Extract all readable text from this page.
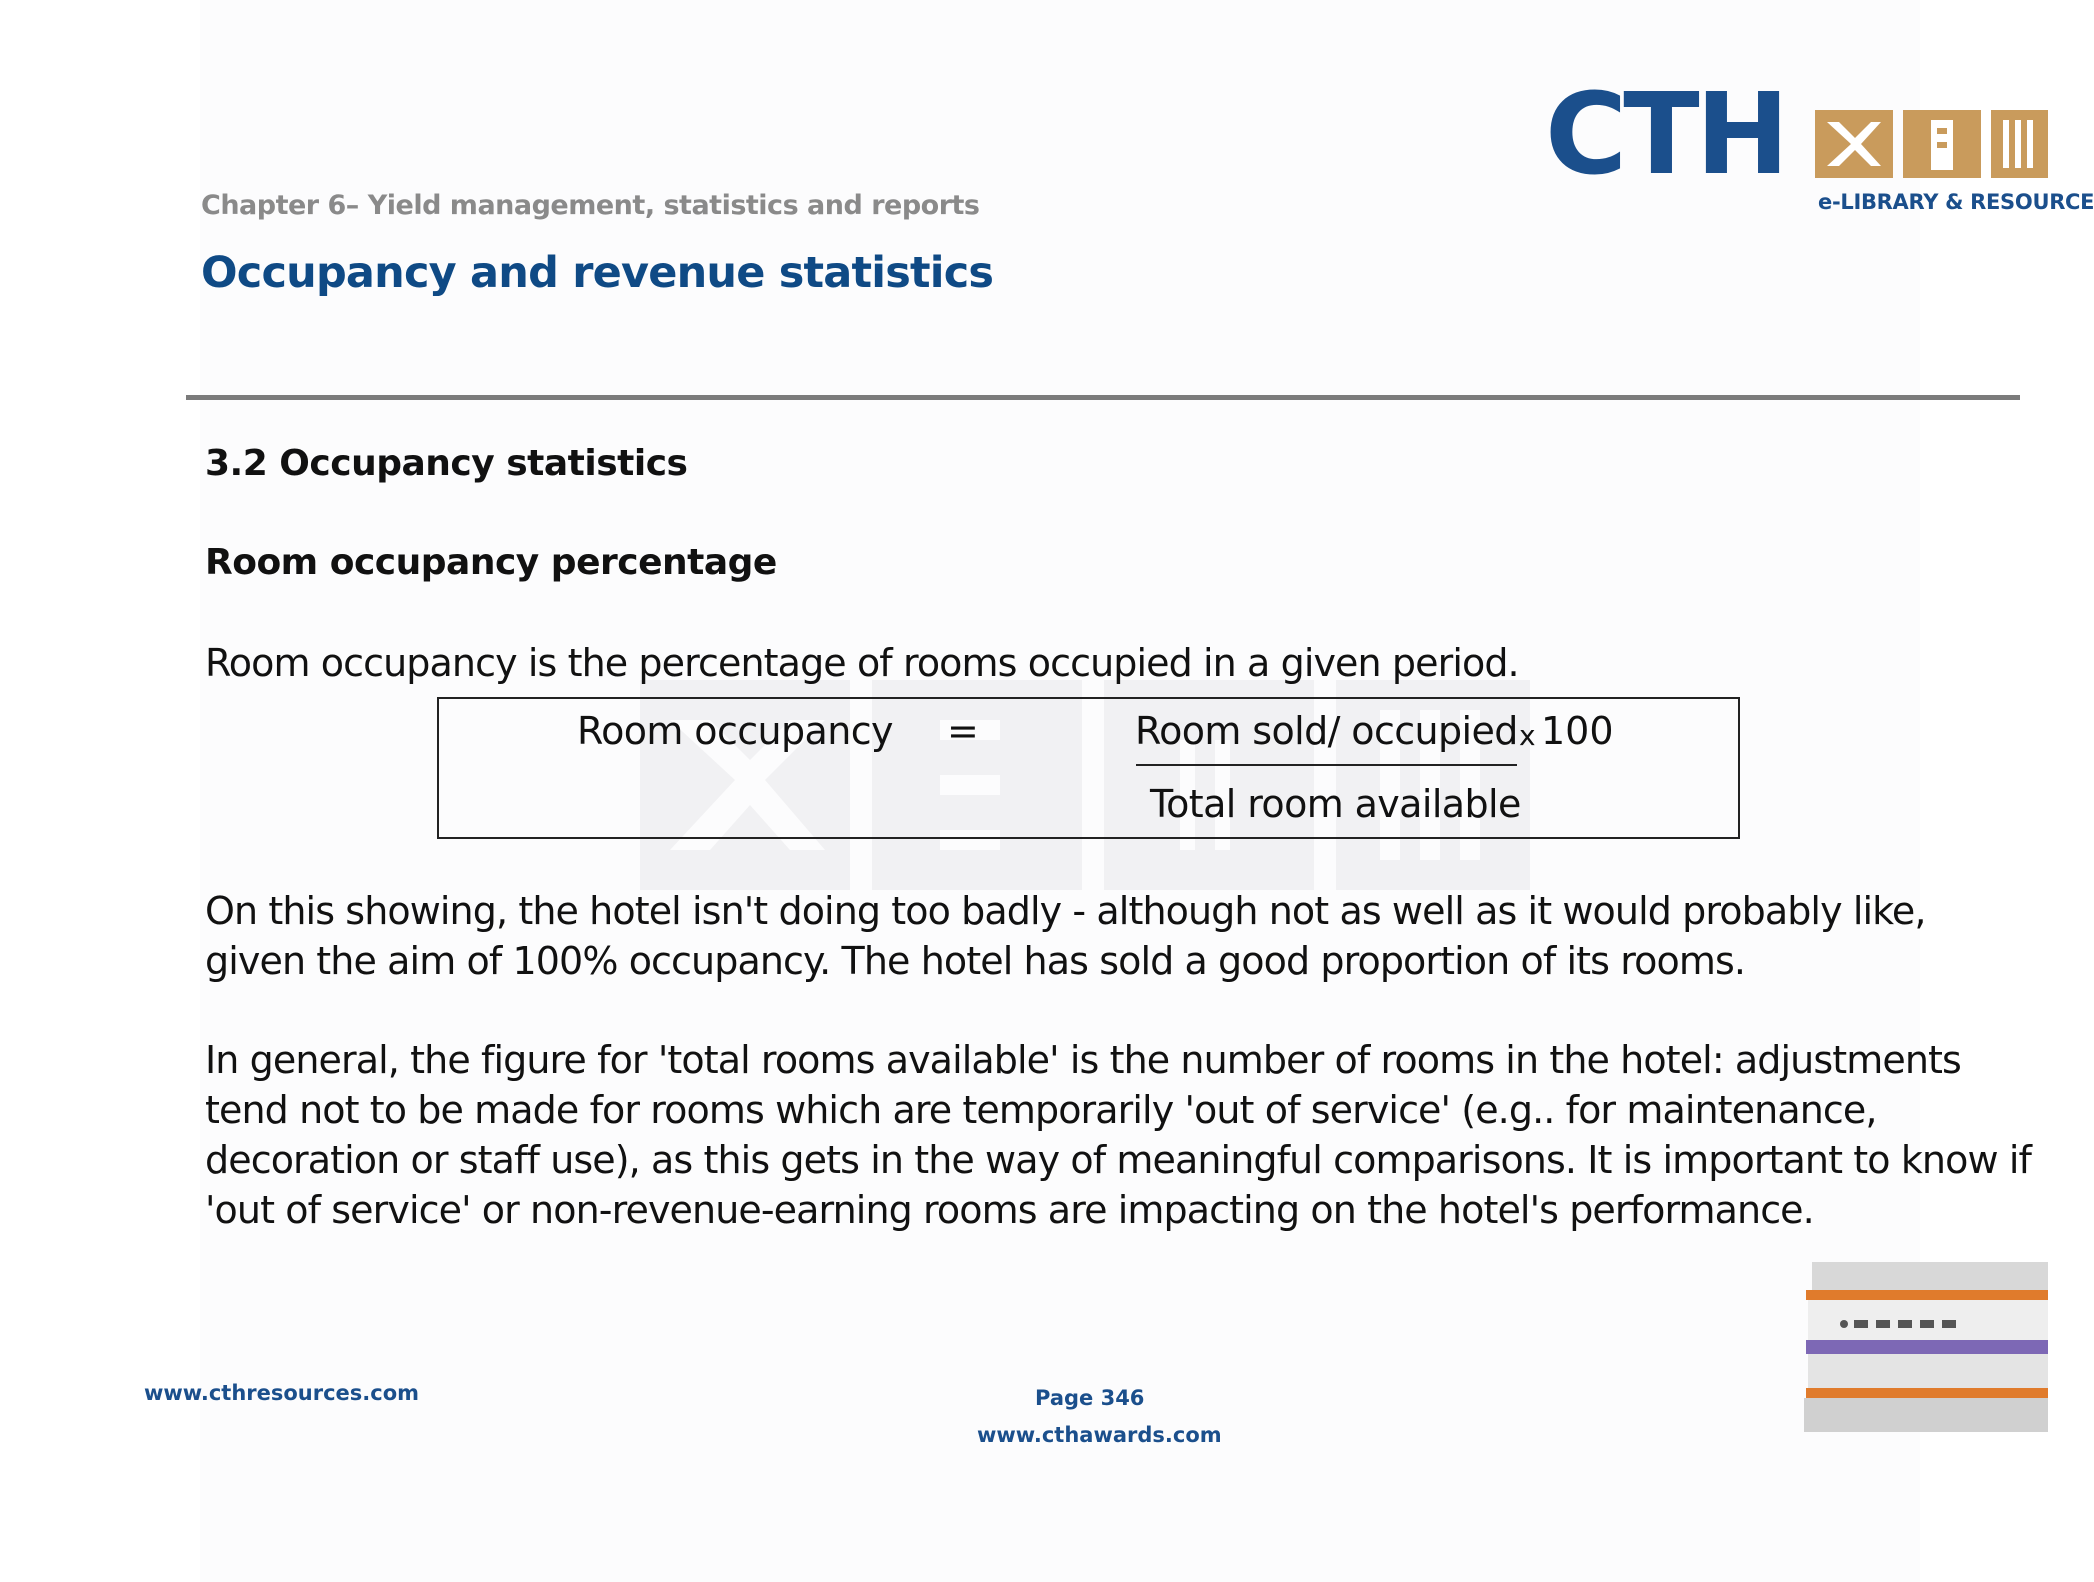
Chapter 6– Yield management, statistics and reports
Occupancy and revenue statistics
CTH
e-LIBRARY & RESOURCE
3.2 Occupancy statistics
Room occupancy percentage
Room occupancy is the percentage of rooms occupied in a given period.
Room occupancy =	Room sold/ occupied x 100
Total room available
On this showing, the hotel isn't doing too badly - although not as well as it would probably like, given the aim of 100% occupancy. The hotel has sold a good proportion of its rooms.
In general, the figure for 'total rooms available' is the number of rooms in the hotel: adjustments tend not to be made for rooms which are temporarily 'out of service' (e.g.. for maintenance, decoration or staff use), as this gets in the way of meaningful comparisons. It is important to know if 'out of service' or non-revenue-earning rooms are impacting on the hotel's performance.
www.cthresources.com	Page 346
www.cthawards.com
